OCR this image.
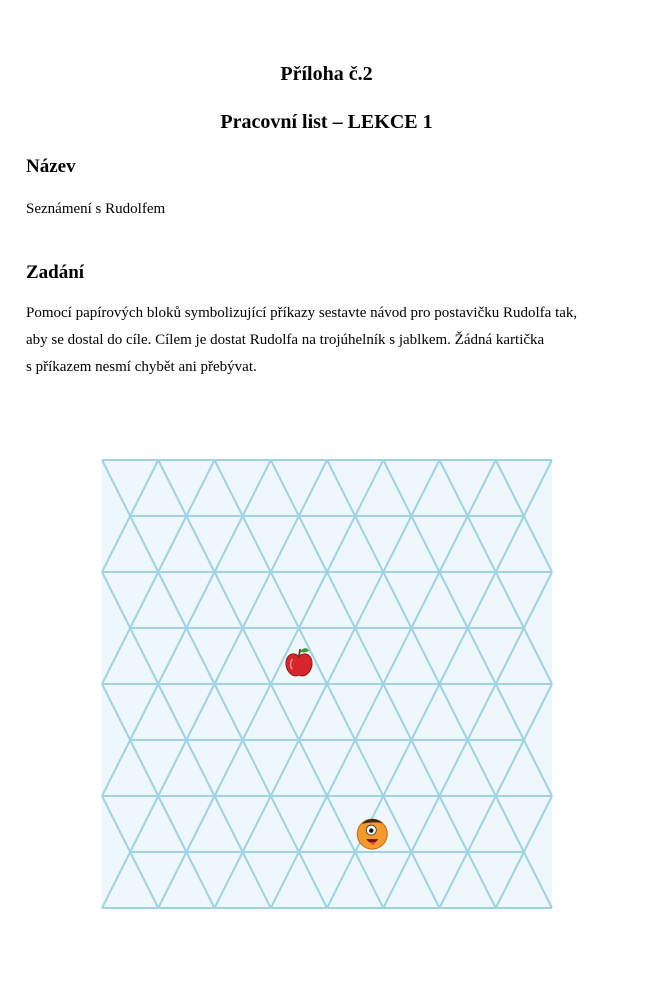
Příloha č.2
Pracovní list – LEKCE 1
Název

Seznámení s Rudolfem

Zadání

Pomocí papírových bloků symbolizující příkazy sestavte návod pro postavičku Rudolfa tak,
aby se dostal do cíle. Cílem je dostat Rudolfa na trojúhelník s jablkem. Žádná kartička
s příkazem nesmí chybět ani přebývat.
